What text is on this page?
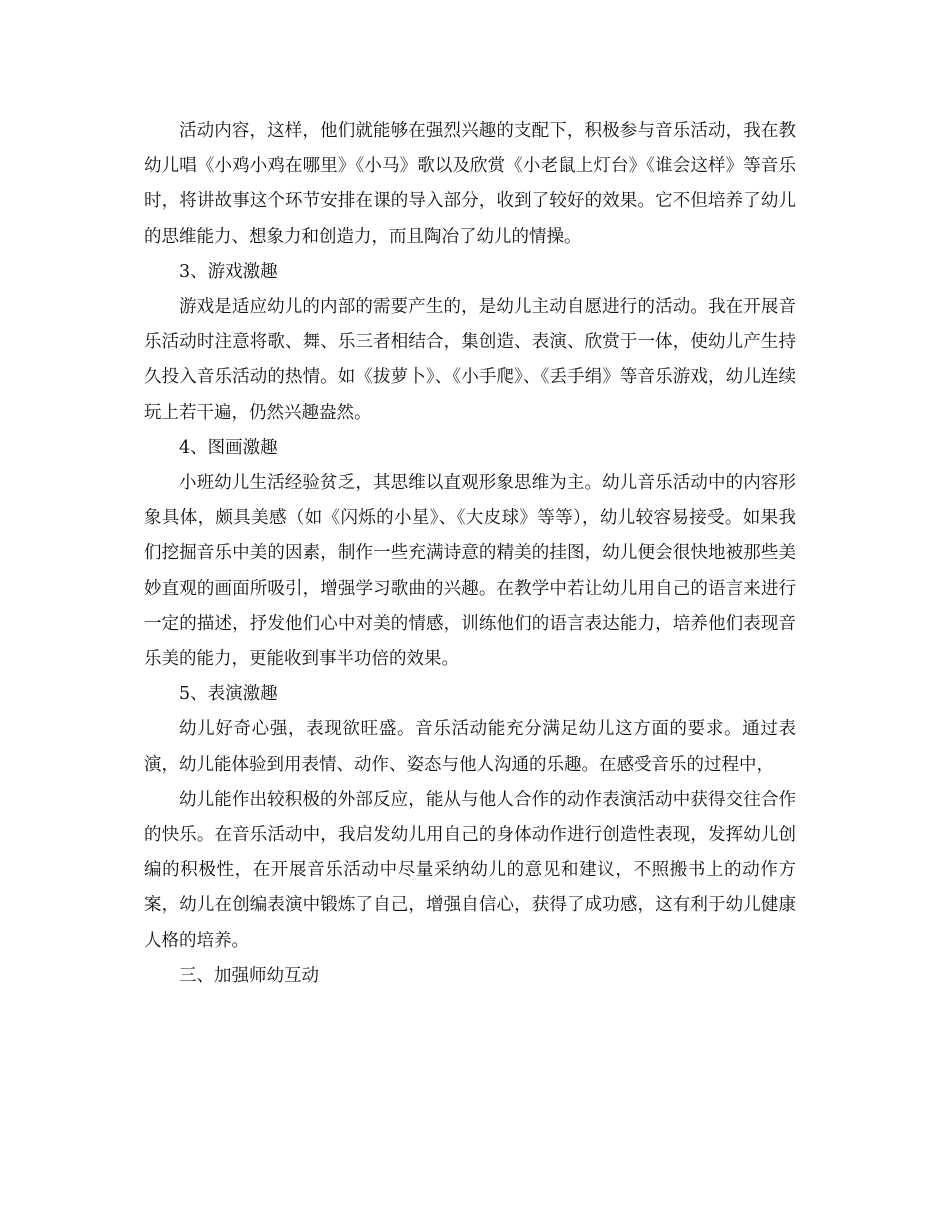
活动内容，这样，他们就能够在强烈兴趣的支配下，积极参与音乐活动，我在教幼儿唱《小鸡小鸡在哪里》《小马》歌以及欣赏《小老鼠上灯台》《谁会这样》等音乐时，将讲故事这个环节安排在课的导入部分，收到了较好的效果。它不但培养了幼儿的思维能力、想象力和创造力，而且陶冶了幼儿的情操。

3、游戏激趣

游戏是适应幼儿的内部的需要产生的，是幼儿主动自愿进行的活动。我在开展音乐活动时注意将歌、舞、乐三者相结合，集创造、表演、欣赏于一体，使幼儿产生持久投入音乐活动的热情。如《拔萝卜》、《小手爬》、《丢手绢》等音乐游戏，幼儿连续玩上若干遍，仍然兴趣盎然。

4、图画激趣

小班幼儿生活经验贫乏，其思维以直观形象思维为主。幼儿音乐活动中的内容形象具体，颇具美感（如《闪烁的小星》、《大皮球》等等），幼儿较容易接受。如果我们挖掘音乐中美的因素，制作一些充满诗意的精美的挂图，幼儿便会很快地被那些美妙直观的画面所吸引，增强学习歌曲的兴趣。在教学中若让幼儿用自己的语言来进行一定的描述，抒发他们心中对美的情感，训练他们的语言表达能力，培养他们表现音乐美的能力，更能收到事半功倍的效果。

5、表演激趣

幼儿好奇心强，表现欲旺盛。音乐活动能充分满足幼儿这方面的要求。通过表演，幼儿能体验到用表情、动作、姿态与他人沟通的乐趣。在感受音乐的过程中，

幼儿能作出较积极的外部反应，能从与他人合作的动作表演活动中获得交往合作的快乐。在音乐活动中，我启发幼儿用自己的身体动作进行创造性表现，发挥幼儿创编的积极性，在开展音乐活动中尽量采纳幼儿的意见和建议，不照搬书上的动作方案，幼儿在创编表演中锻炼了自己，增强自信心，获得了成功感，这有利于幼儿健康人格的培养。

三、加强师幼互动
